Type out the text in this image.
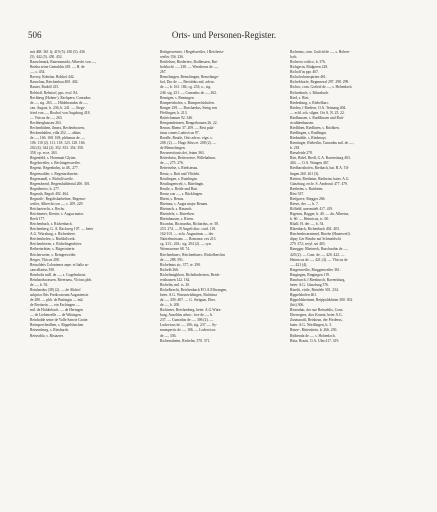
506	Orts- und Personen-Register.
mit 468. 361 f); 419 (5). 430 (5). 436
(5). 442 (5). 450. 452.
Rauschmark, Rauensmarkt, Albrecht von —,
Bertha seine Gemahlin 418. — H. de
—, s. 454.
Ravery, Rohrbar, Rohhof 442.
Rauschau, Reichenbau 400. 402.
Rauter, Rudolf 415.
Rebhoff, Rebstorf, pps. excl. 84.
Rechberg (Hohen-), Rechpern, Conradus
de —, sig. 263. — Hildebrandus de —,
can. August. b. 236; b. 241. — Siegs-
fried von —, Bischof von Augsburg 418.
— Viricus de —, 263.
Rechbergbausen 263.
Rechenbühen, ilmers, Rechenbowen,
Reckendahlen, villa 252. — abbas
de —, 166. 168. 169; plebanus de —,
106. 110 (2). 111. 118. 123. 128. 166.
202 (4). 344 (2). 352. 813. 354. 358.
358. cp. ecce. 263.
Regenfeld, s. Hornmatt Glyten.
Regelsweiler, s. Rechingetsweiler.
Regeno, Regenbolm, to 48., 277.
Regenwalder, s. Regenarthweier.
Regensandl, s. Ricbolfsweile.
Regensbezirl, Regensbühlental 206. 301.
Regnibertos, b. 277.
Regnoth, Regolt 402. 464.
Regnoth-, Regoltsbarbelner, Regemo-
weiler, Albrecht con —, s. 209. 229.
Reichartrecht, s. Rechs.
Reichmeier, Kiester, s. Augsu maior.
Reelt 177.
Reichenbach, s. Richenbach.
Reichenberg, G. A. Rackweg 107. — beier
A.G. Würzburg, s. Richenheer.
Reichenhofen, s. Rüchhilwerk.
Reichenhöven, s. Richelingenhöve.
Reiberterbiter, s. Ritgertrüerie.
Reicherweier, s. Reingerweiler.
Reiger, Vlricus 208.
Reinoldeis Colonienes aepe. et Italie ar-
cancellarius 350.
Reinbolts mill. de —, s. Gogelmhorst.
Reinhardswassen, Rivernass, Vlricus phb.
de —, b. 92.
Reinhardus (38) (2). — de Altdorf
subprior Ibis Predicatorum Augustensis
de 280. — phb. de Buttingin — mil.
de Breitsein. — ein Eschingen —
mil. de Holderbach. — de Heringen
— de Liebenzelle — de Wittingen.
Reinholde seine de Valle Sancte Gratie.
Reinsperchealhen, s. Rippelsbuchen.
Reisensburg, s. Riesburch.
Reiseablo, s. Ristazrer.
Reitigerwenier, f Regelsweiler, f Reichertz-
weiler 156. 236.
Reitfelsen, Riederiew, Rodbesaen, Rat-
bolsha de —, 238. — Wernherus de —,
267.
Remchingen, Remchingen, Remchinge-
hof, Dor de —, Bertoldus mil. advoc.
de —, b. 161. 184; cg. 233; o., sig.
246. sig. 251. — Cunradus de —, 262.
Remigen, s. Remingen.
Rempertshofen, s. Rümprechtshofen.
Renger 239. — Burchardus, Sieng von
Pfeffingen, b. 213.
Reitrichanum 92. 346.
Renquindeinsen, Rengerhausen 26. 22.
Renun, Rheno 37. 209. — Rest pala-
tinus comes Ludovicus 97.
Rentlle, Reutle, Otto advoc. eign. s.
208. (2). — Hugo Silus et. 208 (2). —
de Mennchingen.
Rezurrectionis dei, feiam 363.
Reiterbriss, Retterwiere, Willehalmus
de —, 275. 276.
Retterselse, s. Riedstesau.
Reutz, s. Ruit und Vlfrärhi.
Reutlingen, s. Rutelingin.
Reutlingenwelr, s. Rütelingin.
Reutle, s. Reitle und Ruit.
Reuse con —, s. Bücklingen.
Rhein, s. Renus.
Rheinau, s. Augia major Renam.
Rheinach, s. Rinanch.
Rheinfelz, s. Rinvelten.
Rheinhausen, s. Riven.
Ricardus, Ricinardus, Richardus, re. 58.
253. 274. — B Angeli diac. card. 118.
162-101. — ecla. Augustinus — der
Nattrebmissum. — Romanor. rex 213.
cg. 213.; 263.; sig. 204 (2). — syn.
Wormacense 68. 74.
Riechenbuerc, Reichenbuerc, Richelberchtn
de —, 288. 591.
Richelmus sic, 377, te. 290.
Richelb 266.
Richelimighbon, Richelinderisen, Reich-
ertshausen 122. 162.
Richelin, mil. ts. 20.
Richelbrecht, Reichenbach P.O.A.Ellwangen,
beier. A.G. Wassertrüdingen, Bulcitina
de —, 439; 407. — G. Steigum, Eber.
de —, b. 200.
Richinser, Reichenberg, beier. A.G.Würz-
burg, Arnoldus advoc. fcre de —, b.
237. — Cunradus de —, 306 (2). —
Ludovicus de —, 106; sig. 237. — Sy-
munspertic de —, 106. — Lodewicus
de —, 336.
Richenstheim, Richelm, 370. 371.
Richenus, com. Gotfrid de —, s. Hohen-
loch.
Richerco ecdico, b. 376.
Richgerin, Rüdgeren 228.
Richolf'us ppr. 467.
Richolvshawspirten 461.
Richelrhorfe, Regmnesaf 297. 298. 299.
Richoc, com. Gotfrid de —, s. Hohenlach.
Richenbach, s. Rikeabach.
Ried, s. Riet.
Riedenburg, s. Riebelbarc.
Rieden, f Riedern, O.A. Tettnang 404.
— ecld. sch. silgen. Ort A. N. 25. 22.
Riedhausen, s. Rudilhusen und Ruti-
ricuhbenhausen.
Riedlihen, Riedlinen, s. Rüchhen.
Riedlingen, s. Rudlingin.
Riedmühle, s. Riedmayt.
Rientinger, Rieberlin, Cunradus mil. de —,
b. 218.
Riesaleide 278.
Riet, Ridel, Riedl, G.A. Ravensburg 403.
404. — O.A. Wangen 467.
Riedhartzhofen, Rietbach, bat. B.A. Til-
lingen 260. 261 (3).
Rietten, Riethnim, Rietheim, baier. A.G.
Günzburg, ercle. S. Ambrosii 477. 479.
Rietheim, s. Ruttheim.
Riez 337.
Riefgrave, Riegger 266.
Rieser, der —, b. 7.
Riffield, unermitelt 417. 419.
Rigenos, Ragger, b. 40. — dn. Albertus,
b. 60. — Heinricus, tc. 60.
Rilalf, H. der —, b. 54.
Rikenbach, Richenbach 402. 403.
Rinchenhwarniemd, Rinche (Hauteweil).
dipsy Ger Rinche auf Schmeidwht
279. 372; recyl. sei 403.
Rinegger, Rheineck, Burchardus de —,
420 (2). — Conr. de —, 420. 422. —
Heinricus de —, 421 (4). — Vlricus de
—, 421 (4).
Ringenweiler, Ringgenweiler 361.
Ringingen, Ringingen 119.
Rinoburch, f Rienburch, Ravensburg,
beier. A.G. Günzburg 376.
Rinelit, virile, Rienfele 301. 234.
Rippelshofen 461.
Rippoldsheimen, Reippoldsheim 300. 302.
(bis) 306.
Rissenhar, dor sue Reissehlis, Cons.
Eberregern, dior Kosent, beier A.G.
Zusmaraitl, Reishrun, der Förderus,
baier. A.G. Nördlingen, b. 3.
Rinez-, Rittershein, b. 266. 250.
Ritibenda de —, s. Hohenloch.
Ritta, Brazit, O.A. Ulm 417. 419.
